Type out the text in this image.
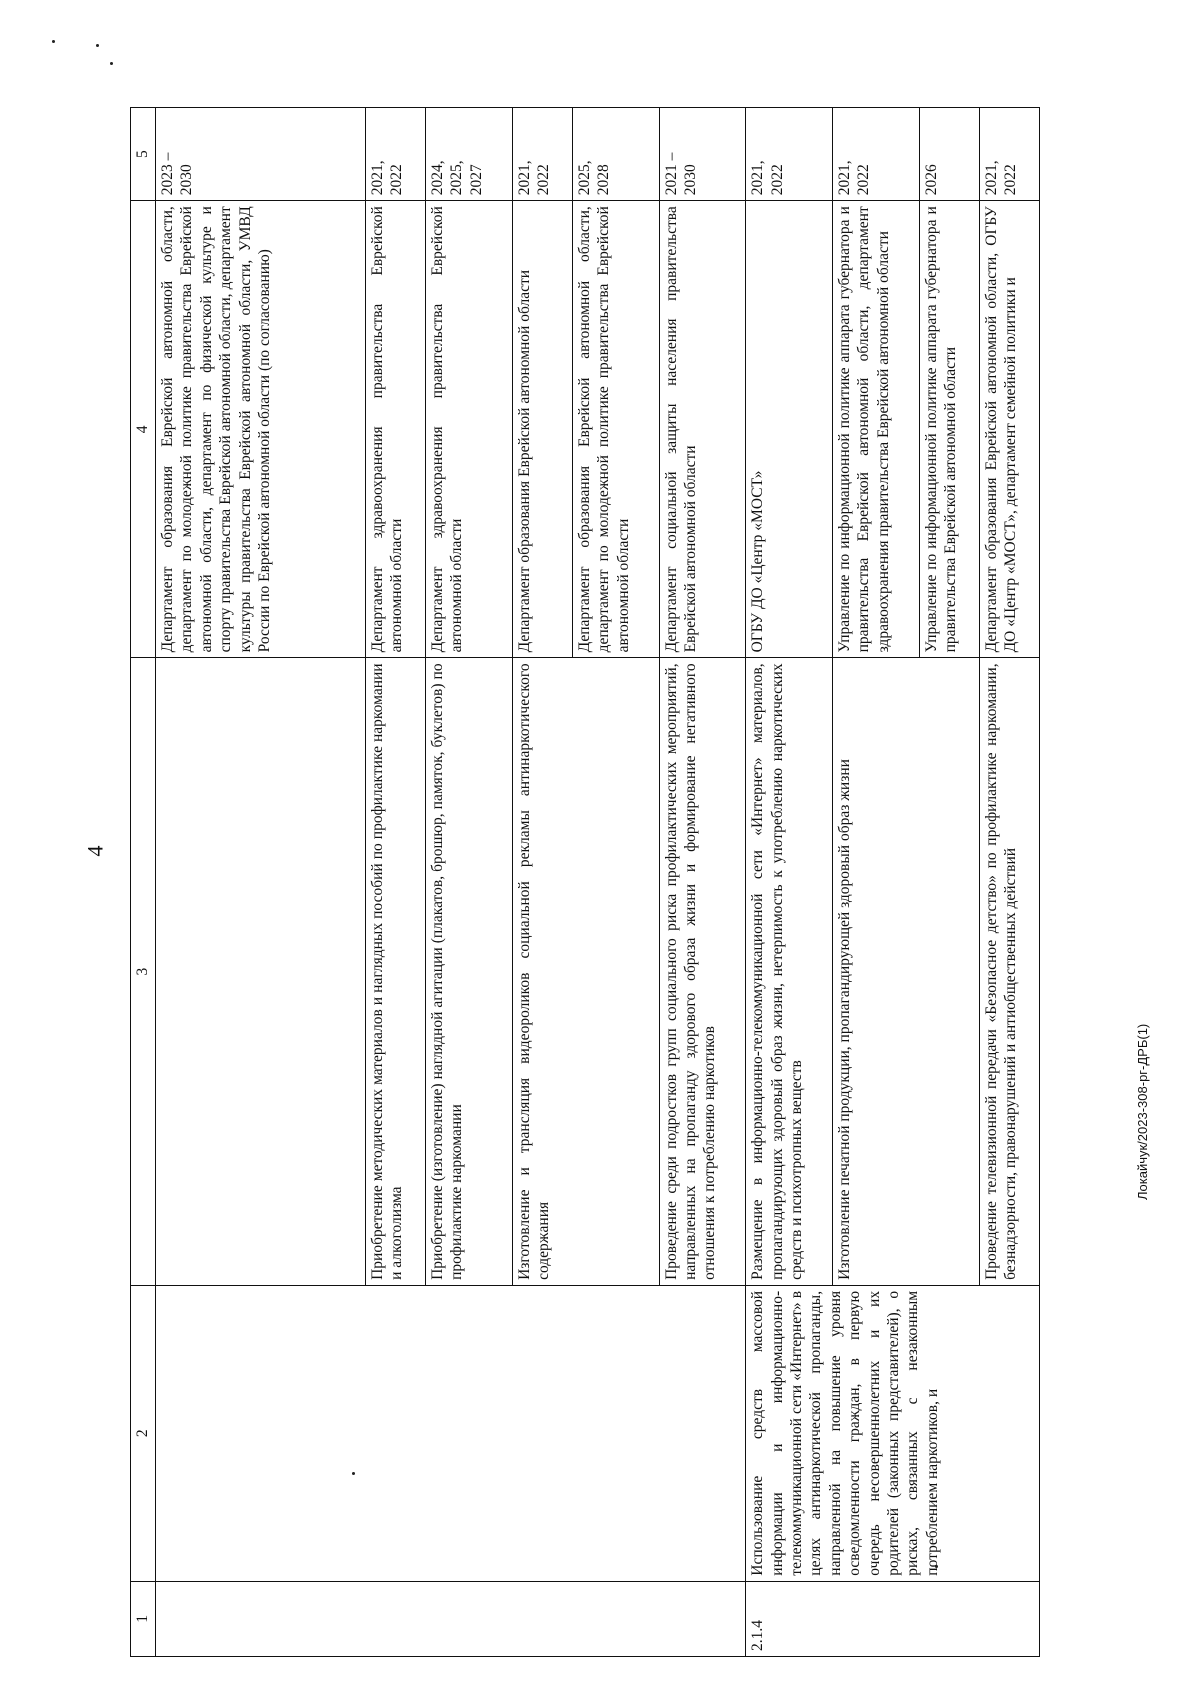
4
1	2	3	4	5
			Департамент образования Еврейской автономной области, департамент по молодежной политике правительства Еврейской автономной области, департамент по физической культуре и спорту правительства Еврейской автономной области, департамент культуры правительства Еврейской автономной области, УМВД России по Еврейской автономной области (по согласованию)	2023 –
2030
		Приобретение методических материалов и наглядных пособий по профилактике наркомании и алкоголизма	Департамент здравоохранения правительства Еврейской автономной области	2021,
2022
		Приобретение (изготовление) наглядной агитации (плакатов, брошюр, памяток, буклетов) по профилактике наркомании	Департамент здравоохранения правительства Еврейской автономной области	2024,
2025,
2027
		Изготовление и трансляция видеороликов социальной рекламы антинаркотического содержания	Департамент образования Еврейской автономной области	2021,
2022
			Департамент образования Еврейской автономной области, департамент по молодежной политике правительства Еврейской автономной области	2025,
2028
		Проведение среди подростков групп социального риска профилактических мероприятий, направленных на пропаганду здорового образа жизни и формирование негативного отношения к потреблению наркотиков	Департамент социальной защиты населения правительства Еврейской автономной области	2021 –
2030
2.1.4	Использование средств массовой информации и информационно-телекоммуникационной сети «Интернет» в целях антинаркотической пропаганды, направленной на повышение уровня осведомленности граждан, в первую очередь несовершеннолетних и их родителей (законных представителей), о рисках, связанных с незаконным потреблением наркотиков, и	Размещение в информационно-телекоммуникационной сети «Интернет» материалов, пропагандирующих здоровый образ жизни, нетерпимость к употреблению наркотических средств и психотропных веществ	ОГБУ ДО «Центр «МОСТ»	2021,
2022
		Изготовление печатной продукции, пропагандирующей здоровый образ жизни	Управление по информационной политике аппарата губернатора и правительства Еврейской автономной области, департамент здравоохранения правительства Еврейской автономной области	2021,
2022
			Управление по информационной политике аппарата губернатора и правительства Еврейской автономной области	2026
		Проведение телевизионной передачи «Безопасное детство» по профилактике наркомании, безнадзорности, правонарушений и антиобщественных действий	Департамент образования Еврейской автономной области, ОГБУ ДО «Центр «МОСТ», департамент семейной политики и	2021,
2022
Локайчук/2023-308-рг-ДРБ(1)
